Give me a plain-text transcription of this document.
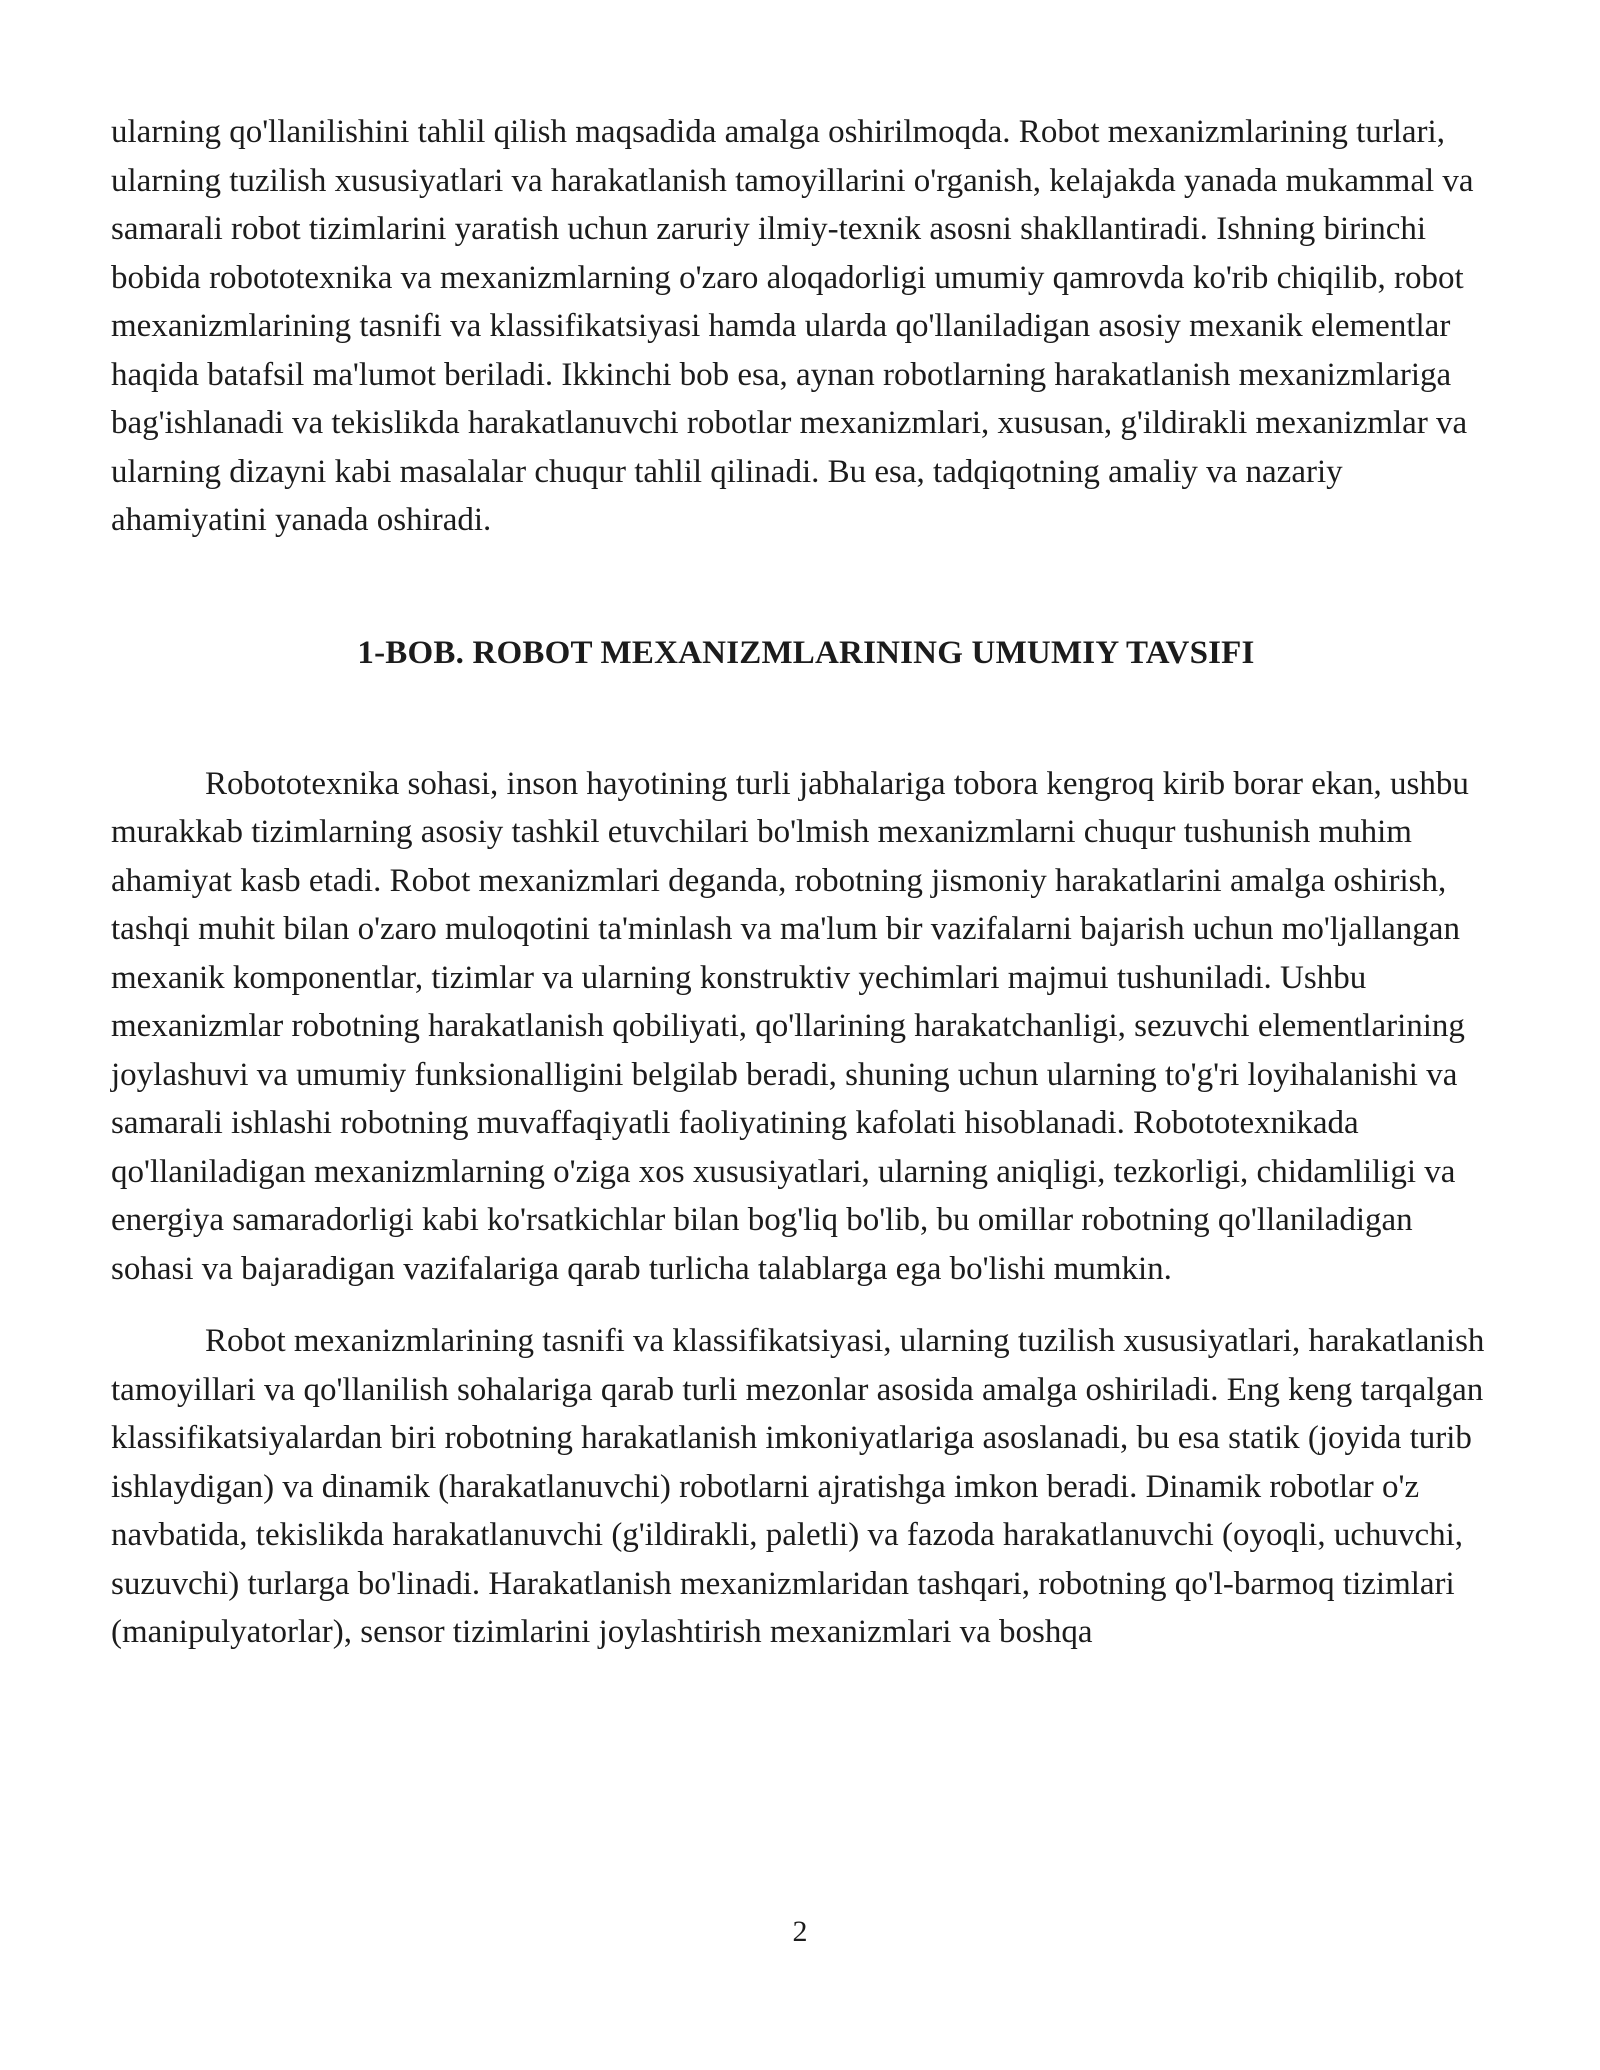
ularning qo'llanilishini tahlil qilish maqsadida amalga oshirilmoqda. Robot mexanizmlarining turlari, ularning tuzilish xususiyatlari va harakatlanish tamoyillarini o'rganish, kelajakda yanada mukammal va samarali robot tizimlarini yaratish uchun zaruriy ilmiy-texnik asosni shakllantiradi. Ishning birinchi bobida robototexnika va mexanizmlarning o'zaro aloqadorligi umumiy qamrovda ko'rib chiqilib, robot mexanizmlarining tasnifi va klassifikatsiyasi hamda ularda qo'llaniladigan asosiy mexanik elementlar haqida batafsil ma'lumot beriladi. Ikkinchi bob esa, aynan robotlarning harakatlanish mexanizmlariga bag'ishlanadi va tekislikda harakatlanuvchi robotlar mexanizmlari, xususan, g'ildirakli mexanizmlar va ularning dizayni kabi masalalar chuqur tahlil qilinadi. Bu esa, tadqiqotning amaliy va nazariy ahamiyatini yanada oshiradi.

1-BOB. ROBOT MEXANIZMLARINING UMUMIY TAVSIFI

Robototexnika sohasi, inson hayotining turli jabhalariga tobora kengroq kirib borar ekan, ushbu murakkab tizimlarning asosiy tashkil etuvchilari bo'lmish mexanizmlarni chuqur tushunish muhim ahamiyat kasb etadi. Robot mexanizmlari deganda, robotning jismoniy harakatlarini amalga oshirish, tashqi muhit bilan o'zaro muloqotini ta'minlash va ma'lum bir vazifalarni bajarish uchun mo'ljallangan mexanik komponentlar, tizimlar va ularning konstruktiv yechimlari majmui tushuniladi. Ushbu mexanizmlar robotning harakatlanish qobiliyati, qo'llarining harakatchanligi, sezuvchi elementlarining joylashuvi va umumiy funksionalligini belgilab beradi, shuning uchun ularning to'g'ri loyihalanishi va samarali ishlashi robotning muvaffaqiyatli faoliyatining kafolati hisoblanadi. Robototexnikada qo'llaniladigan mexanizmlarning o'ziga xos xususiyatlari, ularning aniqligi, tezkorligi, chidamliligi va energiya samaradorligi kabi ko'rsatkichlar bilan bog'liq bo'lib, bu omillar robotning qo'llaniladigan sohasi va bajaradigan vazifalariga qarab turlicha talablarga ega bo'lishi mumkin.

Robot mexanizmlarining tasnifi va klassifikatsiyasi, ularning tuzilish xususiyatlari, harakatlanish tamoyillari va qo'llanilish sohalariga qarab turli mezonlar asosida amalga oshiriladi. Eng keng tarqalgan klassifikatsiyalardan biri robotning harakatlanish imkoniyatlariga asoslanadi, bu esa statik (joyida turib ishlaydigan) va dinamik (harakatlanuvchi) robotlarni ajratishga imkon beradi. Dinamik robotlar o'z navbatida, tekislikda harakatlanuvchi (g'ildirakli, paletli) va fazoda harakatlanuvchi (oyoqli, uchuvchi, suzuvchi) turlarga bo'linadi. Harakatlanish mexanizmlaridan tashqari, robotning qo'l-barmoq tizimlari (manipulyatorlar), sensor tizimlarini joylashtirish mexanizmlari va boshqa

2
